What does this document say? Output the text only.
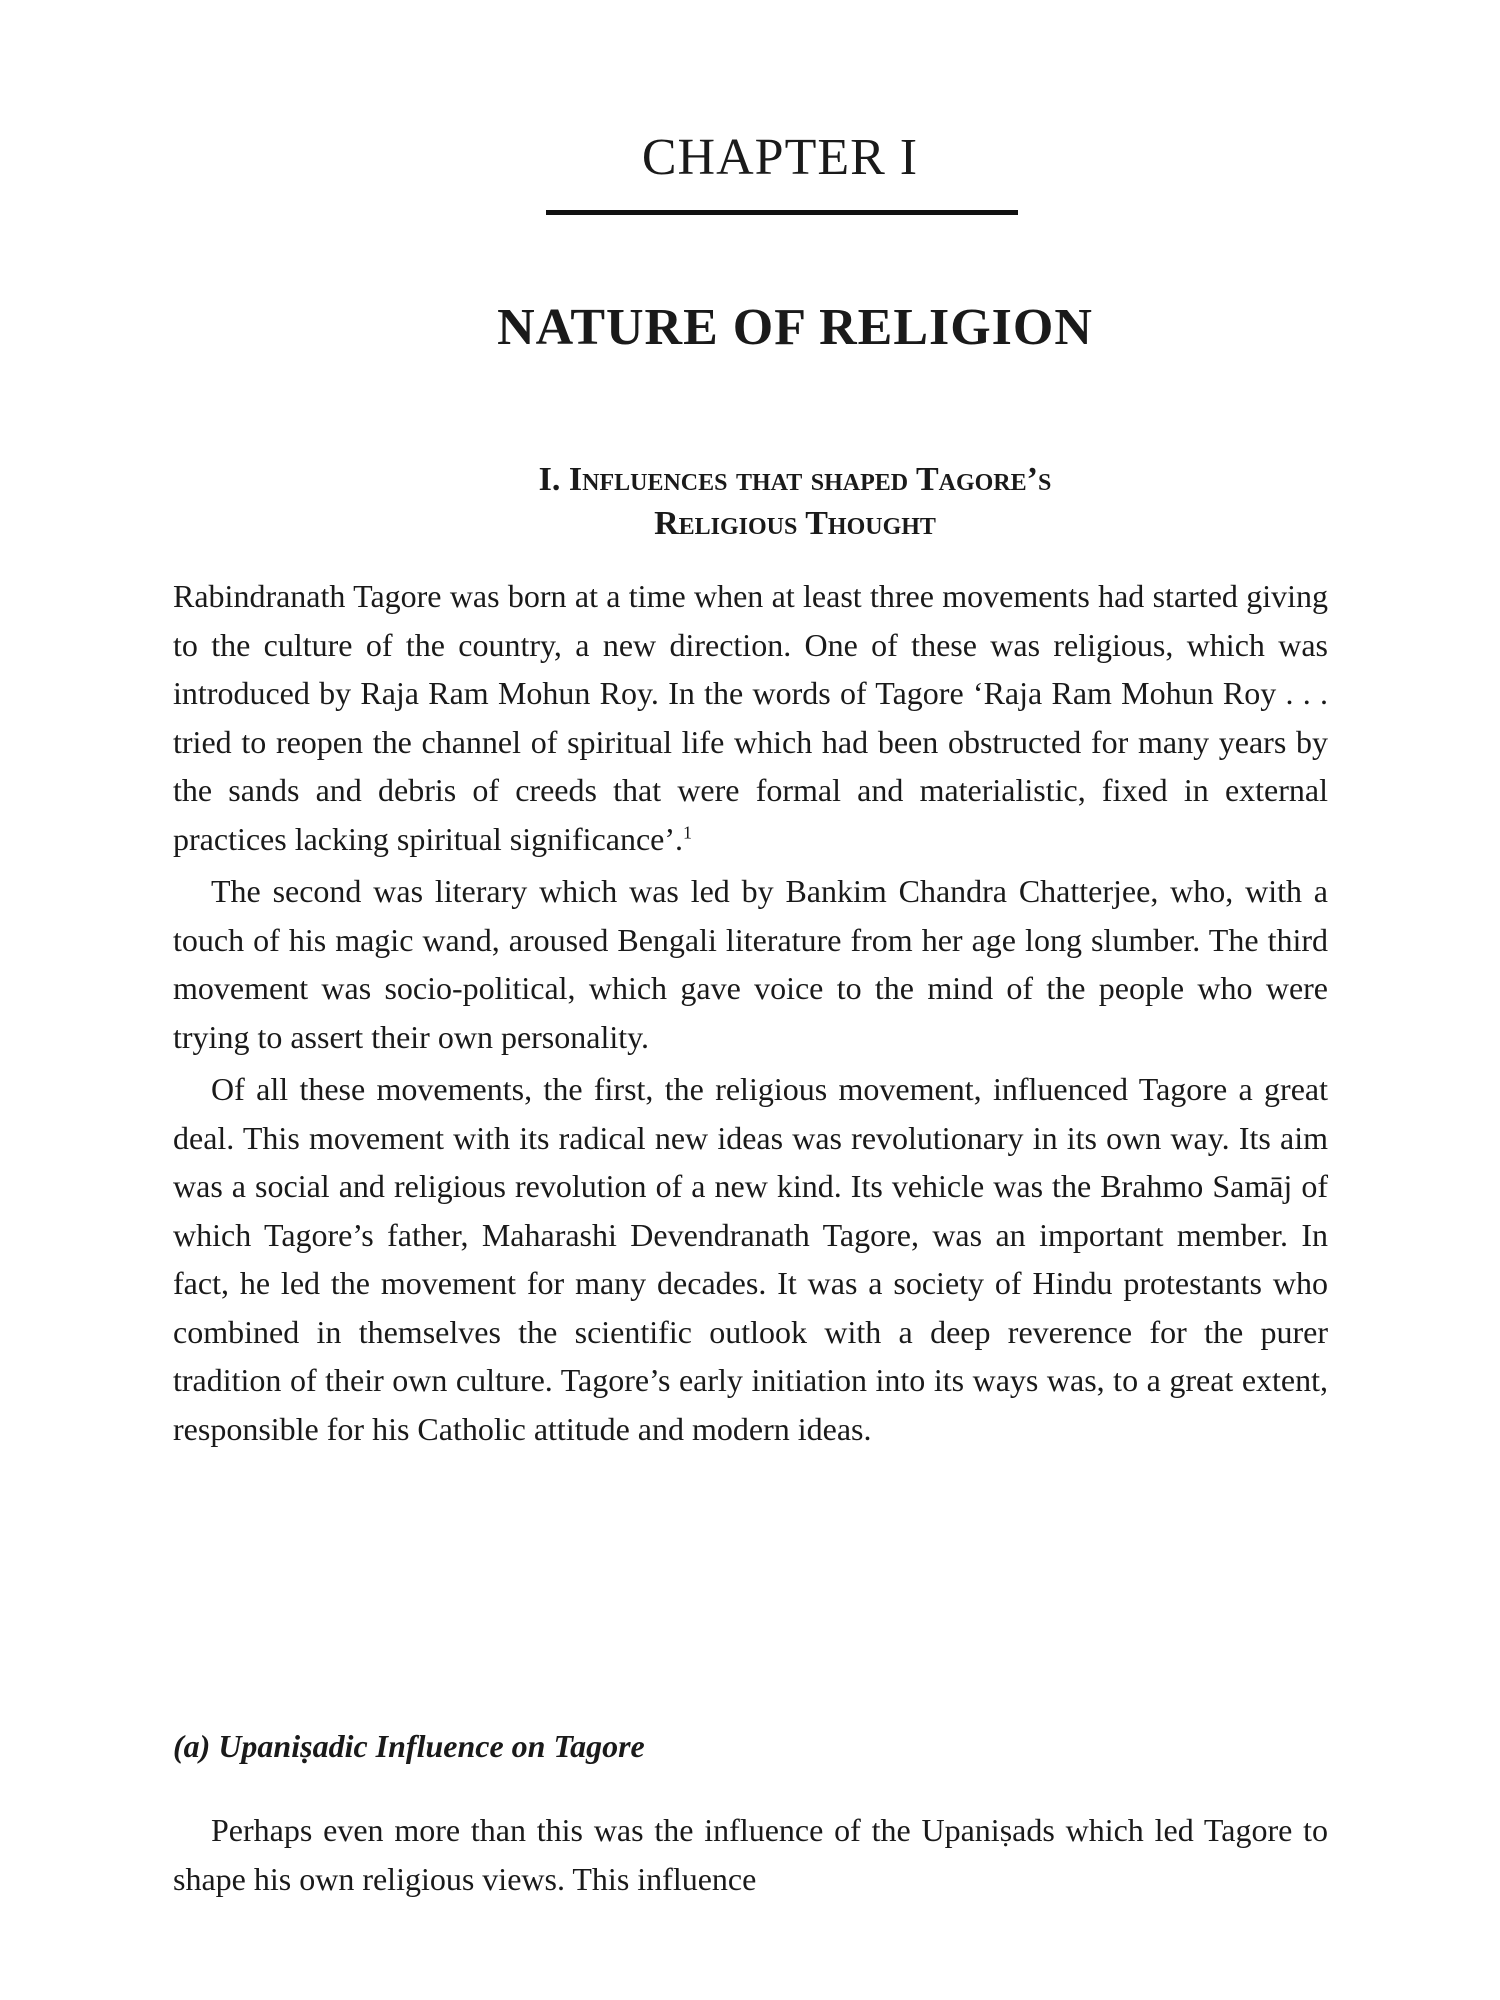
CHAPTER I
NATURE OF RELIGION
I. Influences that shaped Tagore’s
Religious Thought

Rabindranath Tagore was born at a time when at least three movements had started giving to the culture of the country, a new direction. One of these was religious, which was introduced by Raja Ram Mohun Roy. In the words of Tagore ‘Raja Ram Mohun Roy . . . tried to reopen the channel of spiritual life which had been obstructed for many years by the sands and debris of creeds that were formal and materialistic, fixed in external practices lacking spiritual significance’.$^1$

The second was literary which was led by Bankim Chandra Chatterjee, who, with a touch of his magic wand, aroused Bengali literature from her age long slumber. The third movement was socio-political, which gave voice to the mind of the people who were trying to assert their own personality.

Of all these movements, the first, the religious movement, influenced Tagore a great deal. This movement with its radical new ideas was revolutionary in its own way. Its aim was a social and religious revolution of a new kind. Its vehicle was the Brahmo Samāj of which Tagore’s father, Maharashi Devendranath Tagore, was an important member. In fact, he led the movement for many decades. It was a society of Hindu protestants who combined in themselves the scientific outlook with a deep reverence for the purer tradition of their own culture. Tagore’s early initiation into its ways was, to a great extent, responsible for his Catholic attitude and modern ideas.

(a) Upaniṣadic Influence on Tagore

Perhaps even more than this was the influence of the Upaniṣads which led Tagore to shape his own religious views. This influence
